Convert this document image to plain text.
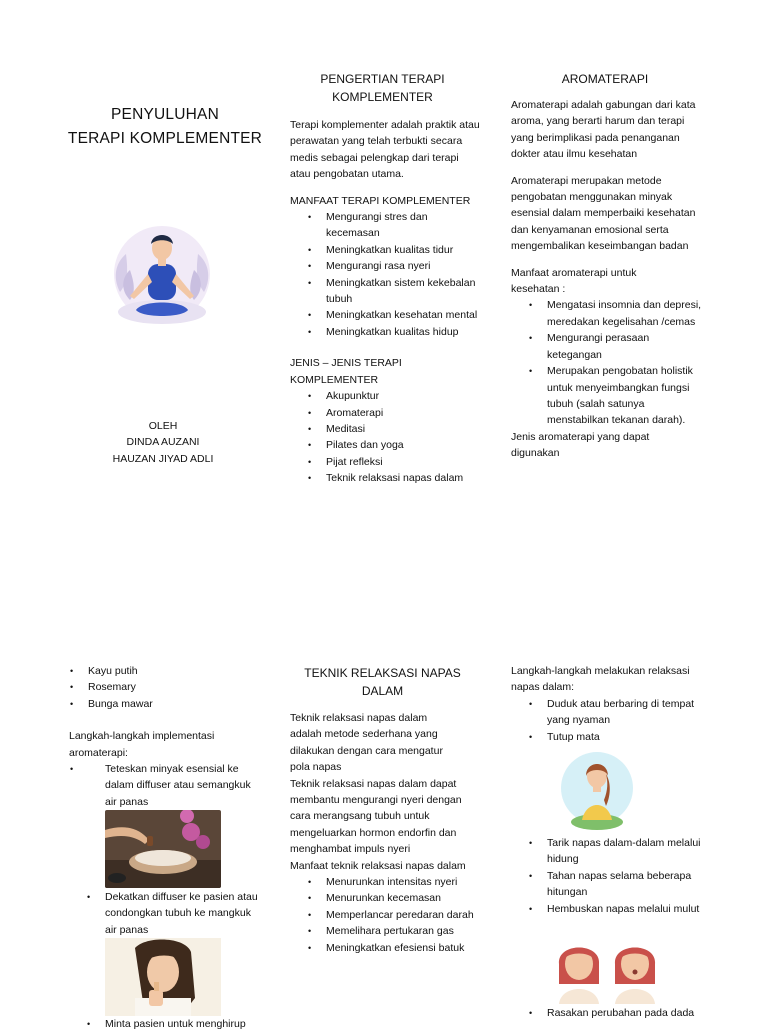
PENYULUHAN
TERAPI KOMPLEMENTER
OLEH
DINDA AUZANI
HAUZAN JIYAD ADLI
PENGERTIAN TERAPI
KOMPLEMENTER

Terapi komplementer adalah praktik atau perawatan yang telah terbukti secara medis sebagai pelengkap dari terapi atau pengobatan utama.

MANFAAT TERAPI KOMPLEMENTER

• Mengurangi stres dan kecemasan
• Meningkatkan kualitas tidur
• Mengurangi rasa nyeri
• Meningkatkan sistem kekebalan tubuh
• Meningkatkan kesehatan mental
• Meningkatkan kualitas hidup

JENIS – JENIS TERAPI KOMPLEMENTER

• Akupunktur
• Aromaterapi
• Meditasi
• Pilates dan yoga
• Pijat refleksi
• Teknik relaksasi napas dalam
AROMATERAPI

Aromaterapi adalah gabungan dari kata aroma, yang berarti harum dan terapi yang berimplikasi pada penanganan dokter atau ilmu kesehatan

Aromaterapi merupakan metode pengobatan menggunakan minyak esensial dalam memperbaiki kesehatan dan kenyamanan emosional serta mengembalikan keseimbangan badan

Manfaat aromaterapi untuk kesehatan :

• Mengatasi insomnia dan depresi, meredakan kegelisahan /cemas
• Mengurangi perasaan ketegangan
• Merupakan pengobatan holistik untuk menyeimbangkan fungsi tubuh (salah satunya menstabilkan tekanan darah).

Jenis aromaterapi yang dapat digunakan

• Kayu putih
• Rosemary
• Bunga mawar

Langkah-langkah implementasi aromaterapi:

• Teteskan minyak esensial ke dalam diffuser atau semangkuk air panas
• Dekatkan diffuser ke pasien atau condongkan tubuh ke mangkuk air panas
• Minta pasien untuk menghirup
TEKNIK RELAKSASI NAPAS
DALAM

Teknik relaksasi napas dalam adalah metode sederhana yang dilakukan dengan cara mengatur pola napas

Teknik relaksasi napas dalam dapat membantu mengurangi nyeri dengan cara merangsang tubuh untuk mengeluarkan hormon endorfin dan menghambat impuls nyeri

Manfaat teknik relaksasi napas dalam

• Menurunkan intensitas nyeri
• Menurunkan kecemasan
• Memperlancar peredaran darah
• Memelihara pertukaran gas
• Meningkatkan efesiensi batuk

Langkah-langkah melakukan relaksasi napas dalam:

• Duduk atau berbaring di tempat yang nyaman
• Tutup mata
• Tarik napas dalam-dalam melalui hidung
• Tahan napas selama beberapa hitungan
• Hembuskan napas melalui mulut
• Rasakan perubahan pada dada
